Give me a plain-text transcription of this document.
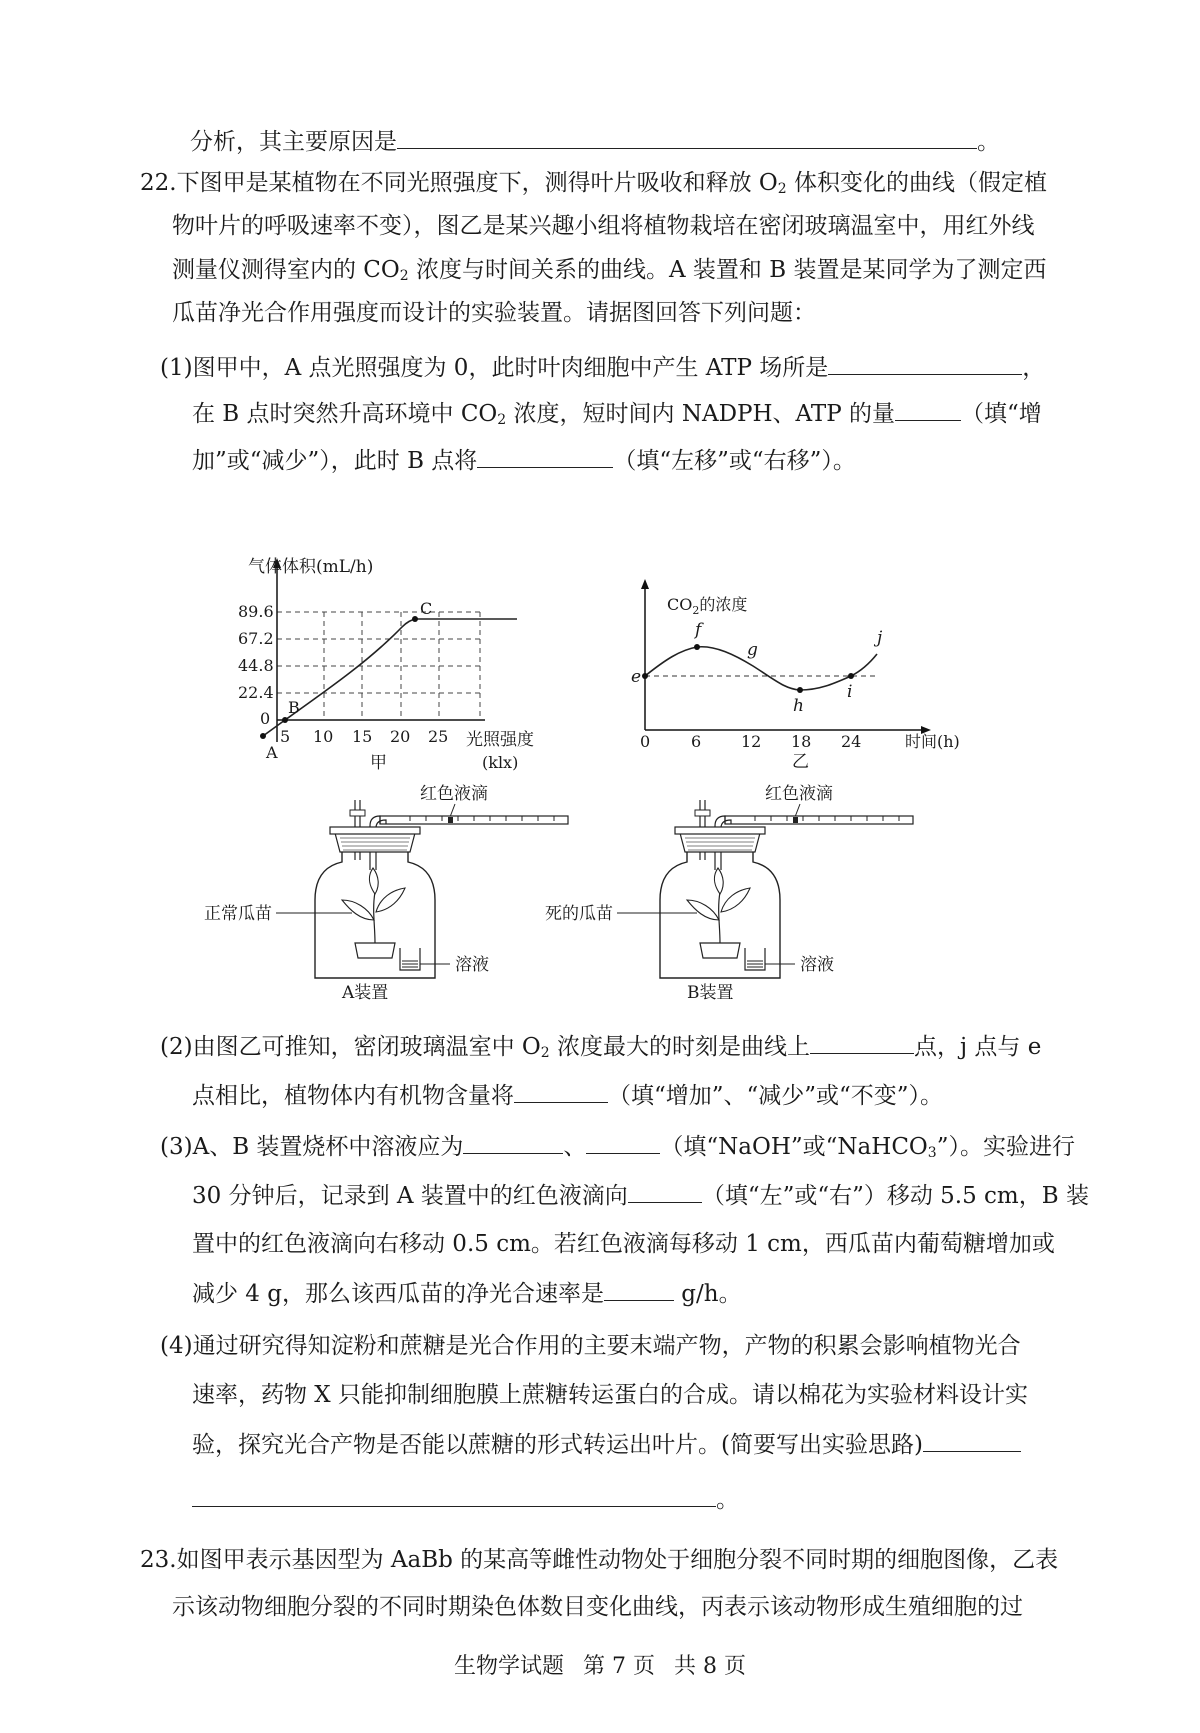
分析，其主要原因是	。
22.下图甲是某植物在不同光照强度下，测得叶片吸收和释放 $O_2$ 体积变化的曲线（假定植
物叶片的呼吸速率不变），图乙是某兴趣小组将植物栽培在密闭玻璃温室中，用红外线
测量仪测得室内的 $CO_2$ 浓度与时间关系的曲线。A 装置和 B 装置是某同学为了测定西
瓜苗净光合作用强度而设计的实验装置。请据图回答下列问题：
(1)图甲中，A 点光照强度为 0，此时叶肉细胞中产生 ATP 场所是	，
在 B 点时突然升高环境中 $CO_2$ 浓度，短时间内 NADPH、ATP 的量	（填“增
加”或“减少”），此时 B 点将	（填“左移”或“右移”）。
气体体积(mL/h)
89.6
67.2
44.8
22.4
0
5 10 15 20 25 光照强度
(klx)
甲
B
A
C	$CO_2$的浓度
e
f
g
h
i
j
0	6 12 18 24	时间(h)
乙
红色液滴
正常瓜苗
溶液
A装置
红色液滴
死的瓜苗
溶液
B装置
(2)由图乙可推知，密闭玻璃温室中 $O_2$ 浓度最大的时刻是曲线上	点，j 点与 e
点相比，植物体内有机物含量将	（填“增加”、“减少”或“不变”）。
(3)A、B 装置烧杯中溶液应为	、	（填“NaOH”或“NaHCO$_3$”）。实验进行
30 分钟后，记录到 A 装置中的红色液滴向	（填“左”或“右”）移动 5.5 cm，B 装
置中的红色液滴向右移动 0.5 cm。若红色液滴每移动 1 cm，西瓜苗内葡萄糖增加或
减少 4 g，那么该西瓜苗的净光合速率是	g/h。
(4)通过研究得知淀粉和蔗糖是光合作用的主要末端产物，产物的积累会影响植物光合
速率，药物 X 只能抑制细胞膜上蔗糖转运蛋白的合成。请以棉花为实验材料设计实
验，探究光合产物是否能以蔗糖的形式转运出叶片。(简要写出实验思路)
。
23.如图甲表示基因型为 AaBb 的某高等雌性动物处于细胞分裂不同时期的细胞图像，乙表
示该动物细胞分裂的不同时期染色体数目变化曲线，丙表示该动物形成生殖细胞的过
生物学试题 第 7 页 共 8 页
